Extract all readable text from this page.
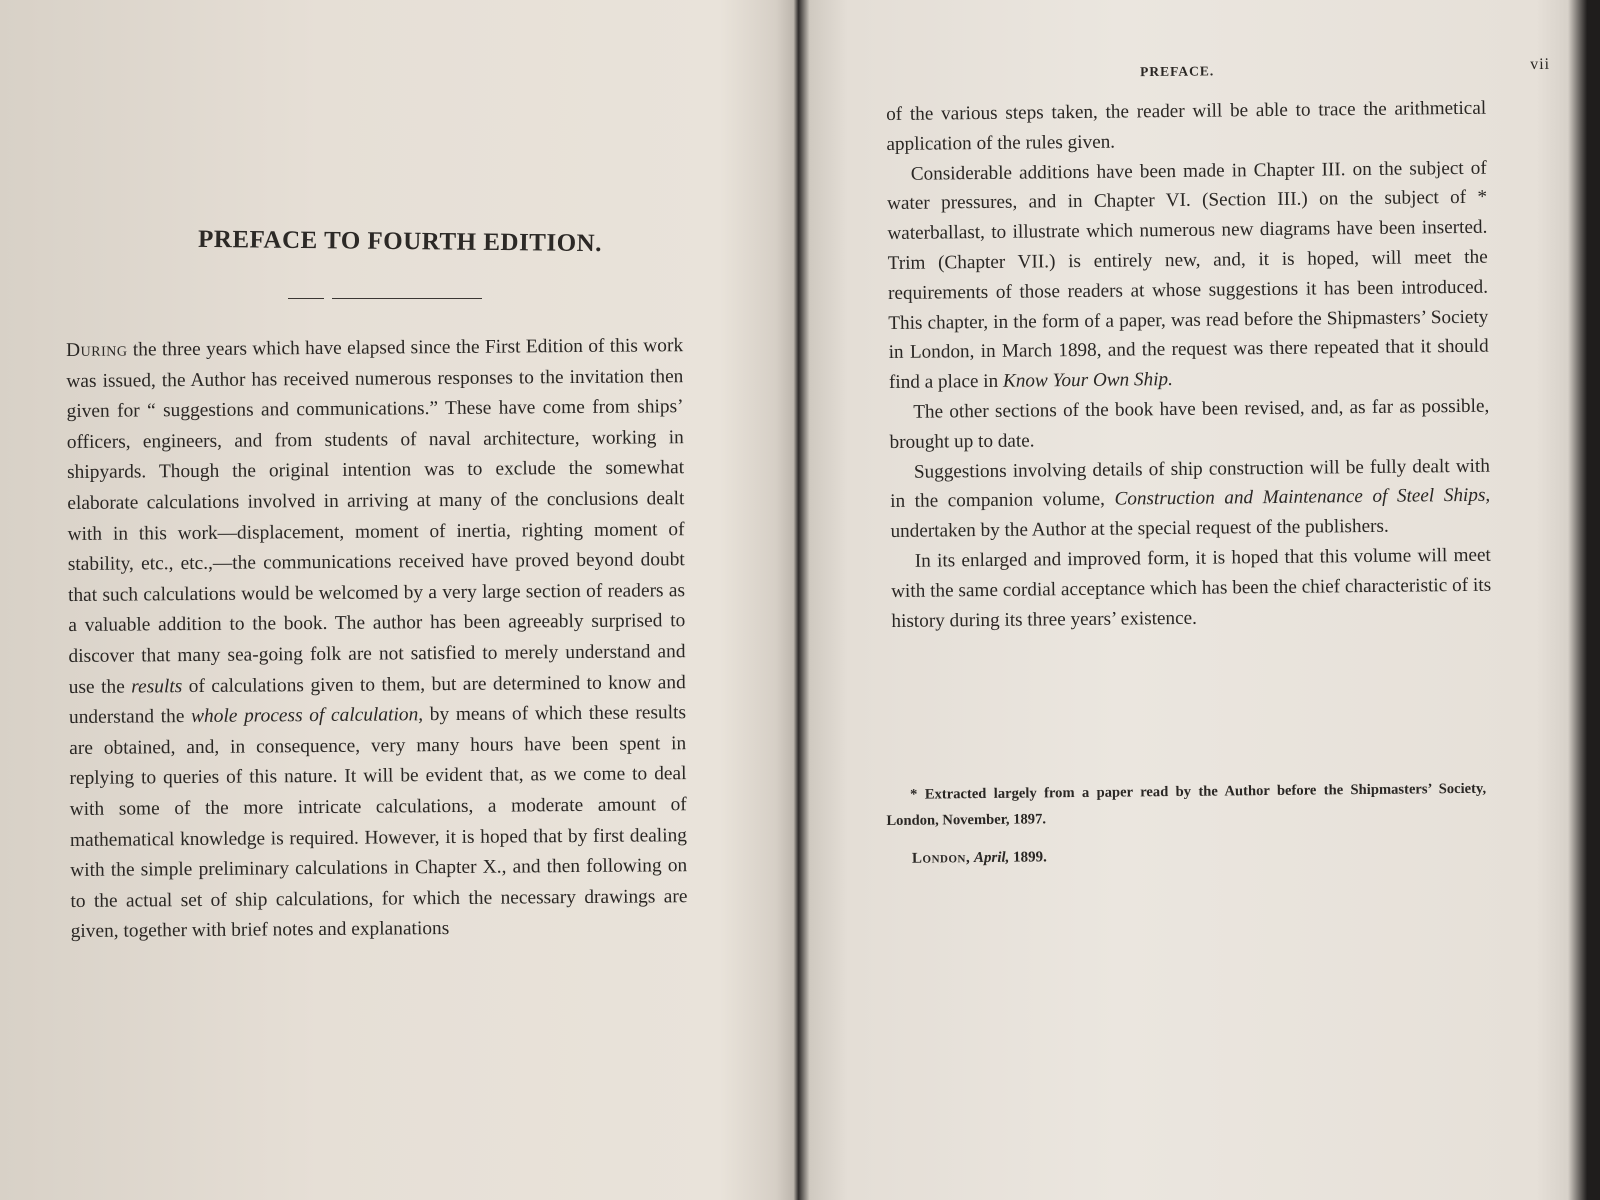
PREFACE TO FOURTH EDITION.

During the three years which have elapsed since the First Edition of this work was issued, the Author has received numerous responses to the invitation then given for “ suggestions and communications.” These have come from ships’ officers, engineers, and from students of naval architecture, working in shipyards. Though the original intention was to exclude the somewhat elaborate calculations involved in arriving at many of the conclusions dealt with in this work—displacement, moment of inertia, righting moment of stability, etc., etc.,—the communications received have proved beyond doubt that such calculations would be welcomed by a very large section of readers as a valuable addition to the book. The author has been agreeably surprised to discover that many sea-going folk are not satisfied to merely understand and use the results of calculations given to them, but are determined to know and understand the whole process of calculation, by means of which these results are obtained, and, in consequence, very many hours have been spent in replying to queries of this nature. It will be evident that, as we come to deal with some of the more intricate calculations, a moderate amount of mathematical knowledge is required. However, it is hoped that by first dealing with the simple preliminary calculations in Chapter X., and then following on to the actual set of ship calculations, for which the necessary drawings are given, together with brief notes and explanations

PREFACE.	vii

of the various steps taken, the reader will be able to trace the arithmetical application of the rules given.

Considerable additions have been made in Chapter III. on the subject of water pressures, and in Chapter VI. (Section III.) on the subject of * waterballast, to illustrate which numerous new diagrams have been inserted. Trim (Chapter VII.) is entirely new, and, it is hoped, will meet the requirements of those readers at whose suggestions it has been introduced. This chapter, in the form of a paper, was read before the Shipmasters’ Society in London, in March 1898, and the request was there repeated that it should find a place in Know Your Own Ship.

The other sections of the book have been revised, and, as far as possible, brought up to date.

Suggestions involving details of ship construction will be fully dealt with in the companion volume, Construction and Maintenance of Steel Ships, undertaken by the Author at the special request of the publishers.

In its enlarged and improved form, it is hoped that this volume will meet with the same cordial acceptance which has been the chief characteristic of its history during its three years’ existence.

* Extracted largely from a paper read by the Author before the Shipmasters’ Society, London, November, 1897.

London, April, 1899.
